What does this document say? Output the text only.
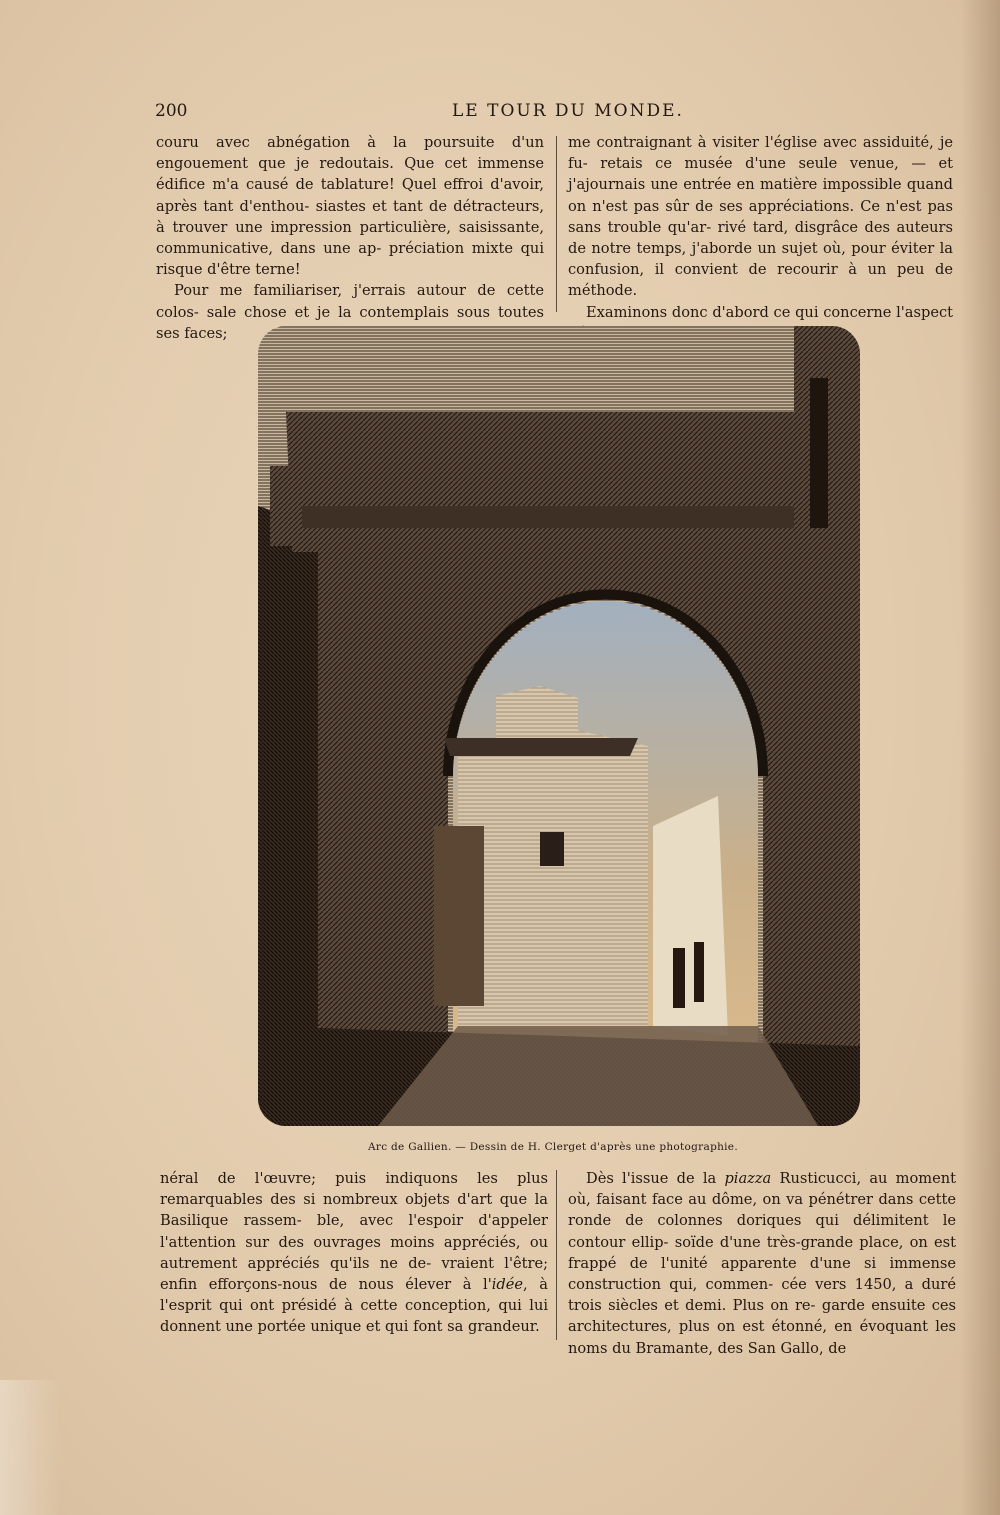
200	LE TOUR DU MONDE.

couru avec abnégation à la poursuite d'un engouement que je redoutais. Que cet immense édifice m'a causé de tablature! Quel effroi d'avoir, après tant d'enthou- siastes et tant de détracteurs, à trouver une impression particulière, saisissante, communicative, dans une ap- préciation mixte qui risque d'être terne!

Pour me familiariser, j'errais autour de cette colos- sale chose et je la contemplais sous toutes ses faces;

me contraignant à visiter l'église avec assiduité, je fu- retais ce musée d'une seule venue, — et j'ajournais une entrée en matière impossible quand on n'est pas sûr de ses appréciations. Ce n'est pas sans trouble qu'ar- rivé tard, disgrâce des auteurs de notre temps, j'aborde un sujet où, pour éviter la confusion, il convient de recourir à un peu de méthode.

Examinons donc d'abord ce qui concerne l'aspect

Arc de Gallien. — Dessin de H. Clerget d'après une photographie.

néral de l'œuvre; puis indiquons les plus remarquables des si nombreux objets d'art que la Basilique rassem- ble, avec l'espoir d'appeler l'attention sur des ouvrages moins appréciés, ou autrement appréciés qu'ils ne de- vraient l'être; enfin efforçons-nous de nous élever à l'idée, à l'esprit qui ont présidé à cette conception, qui lui donnent une portée unique et qui font sa grandeur.

Dès l'issue de la piazza Rusticucci, au moment où, faisant face au dôme, on va pénétrer dans cette ronde de colonnes doriques qui délimitent le contour ellip- soïde d'une très-grande place, on est frappé de l'unité apparente d'une si immense construction qui, commen- cée vers 1450, a duré trois siècles et demi. Plus on re- garde ensuite ces architectures, plus on est étonné, en évoquant les noms du Bramante, des San Gallo, de
